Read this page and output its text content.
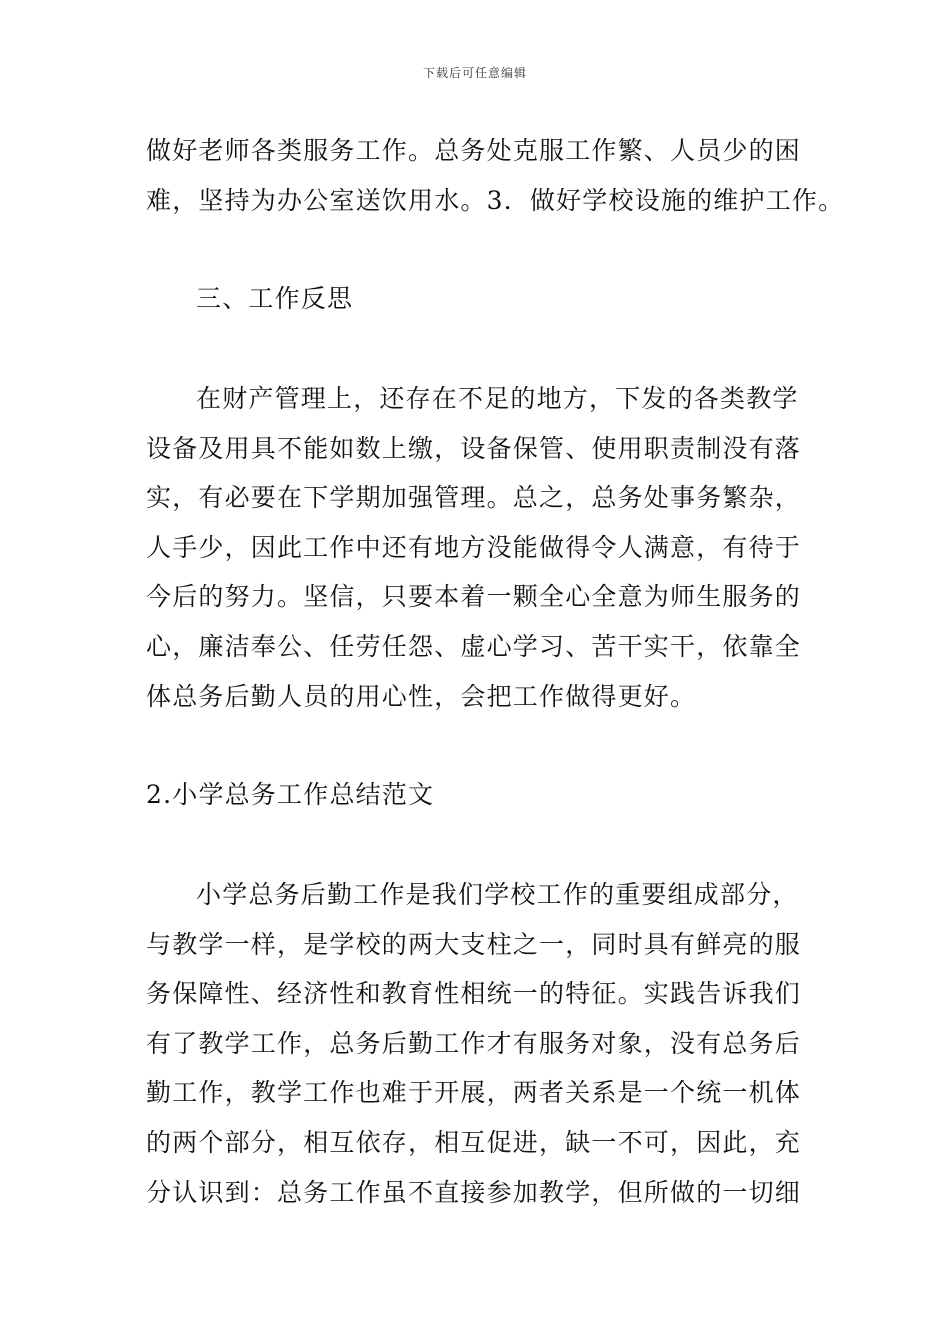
下载后可任意编辑
做好老师各类服务工作。总务处克服工作繁、人员少的困
难，坚持为办公室送饮用水。3．做好学校设施的维护工作。
三、工作反思
在财产管理上，还存在不足的地方，下发的各类教学
设备及用具不能如数上缴，设备保管、使用职责制没有落
实，有必要在下学期加强管理。总之，总务处事务繁杂，
人手少，因此工作中还有地方没能做得令人满意，有待于
今后的努力。坚信，只要本着一颗全心全意为师生服务的
心，廉洁奉公、任劳任怨、虚心学习、苦干实干，依靠全
体总务后勤人员的用心性，会把工作做得更好。
2.小学总务工作总结范文
小学总务后勤工作是我们学校工作的重要组成部分，
与教学一样，是学校的两大支柱之一，同时具有鲜亮的服
务保障性、经济性和教育性相统一的特征。实践告诉我们
有了教学工作，总务后勤工作才有服务对象，没有总务后
勤工作，教学工作也难于开展，两者关系是一个统一机体
的两个部分，相互依存，相互促进，缺一不可，因此，充
分认识到：总务工作虽不直接参加教学，但所做的一切细
